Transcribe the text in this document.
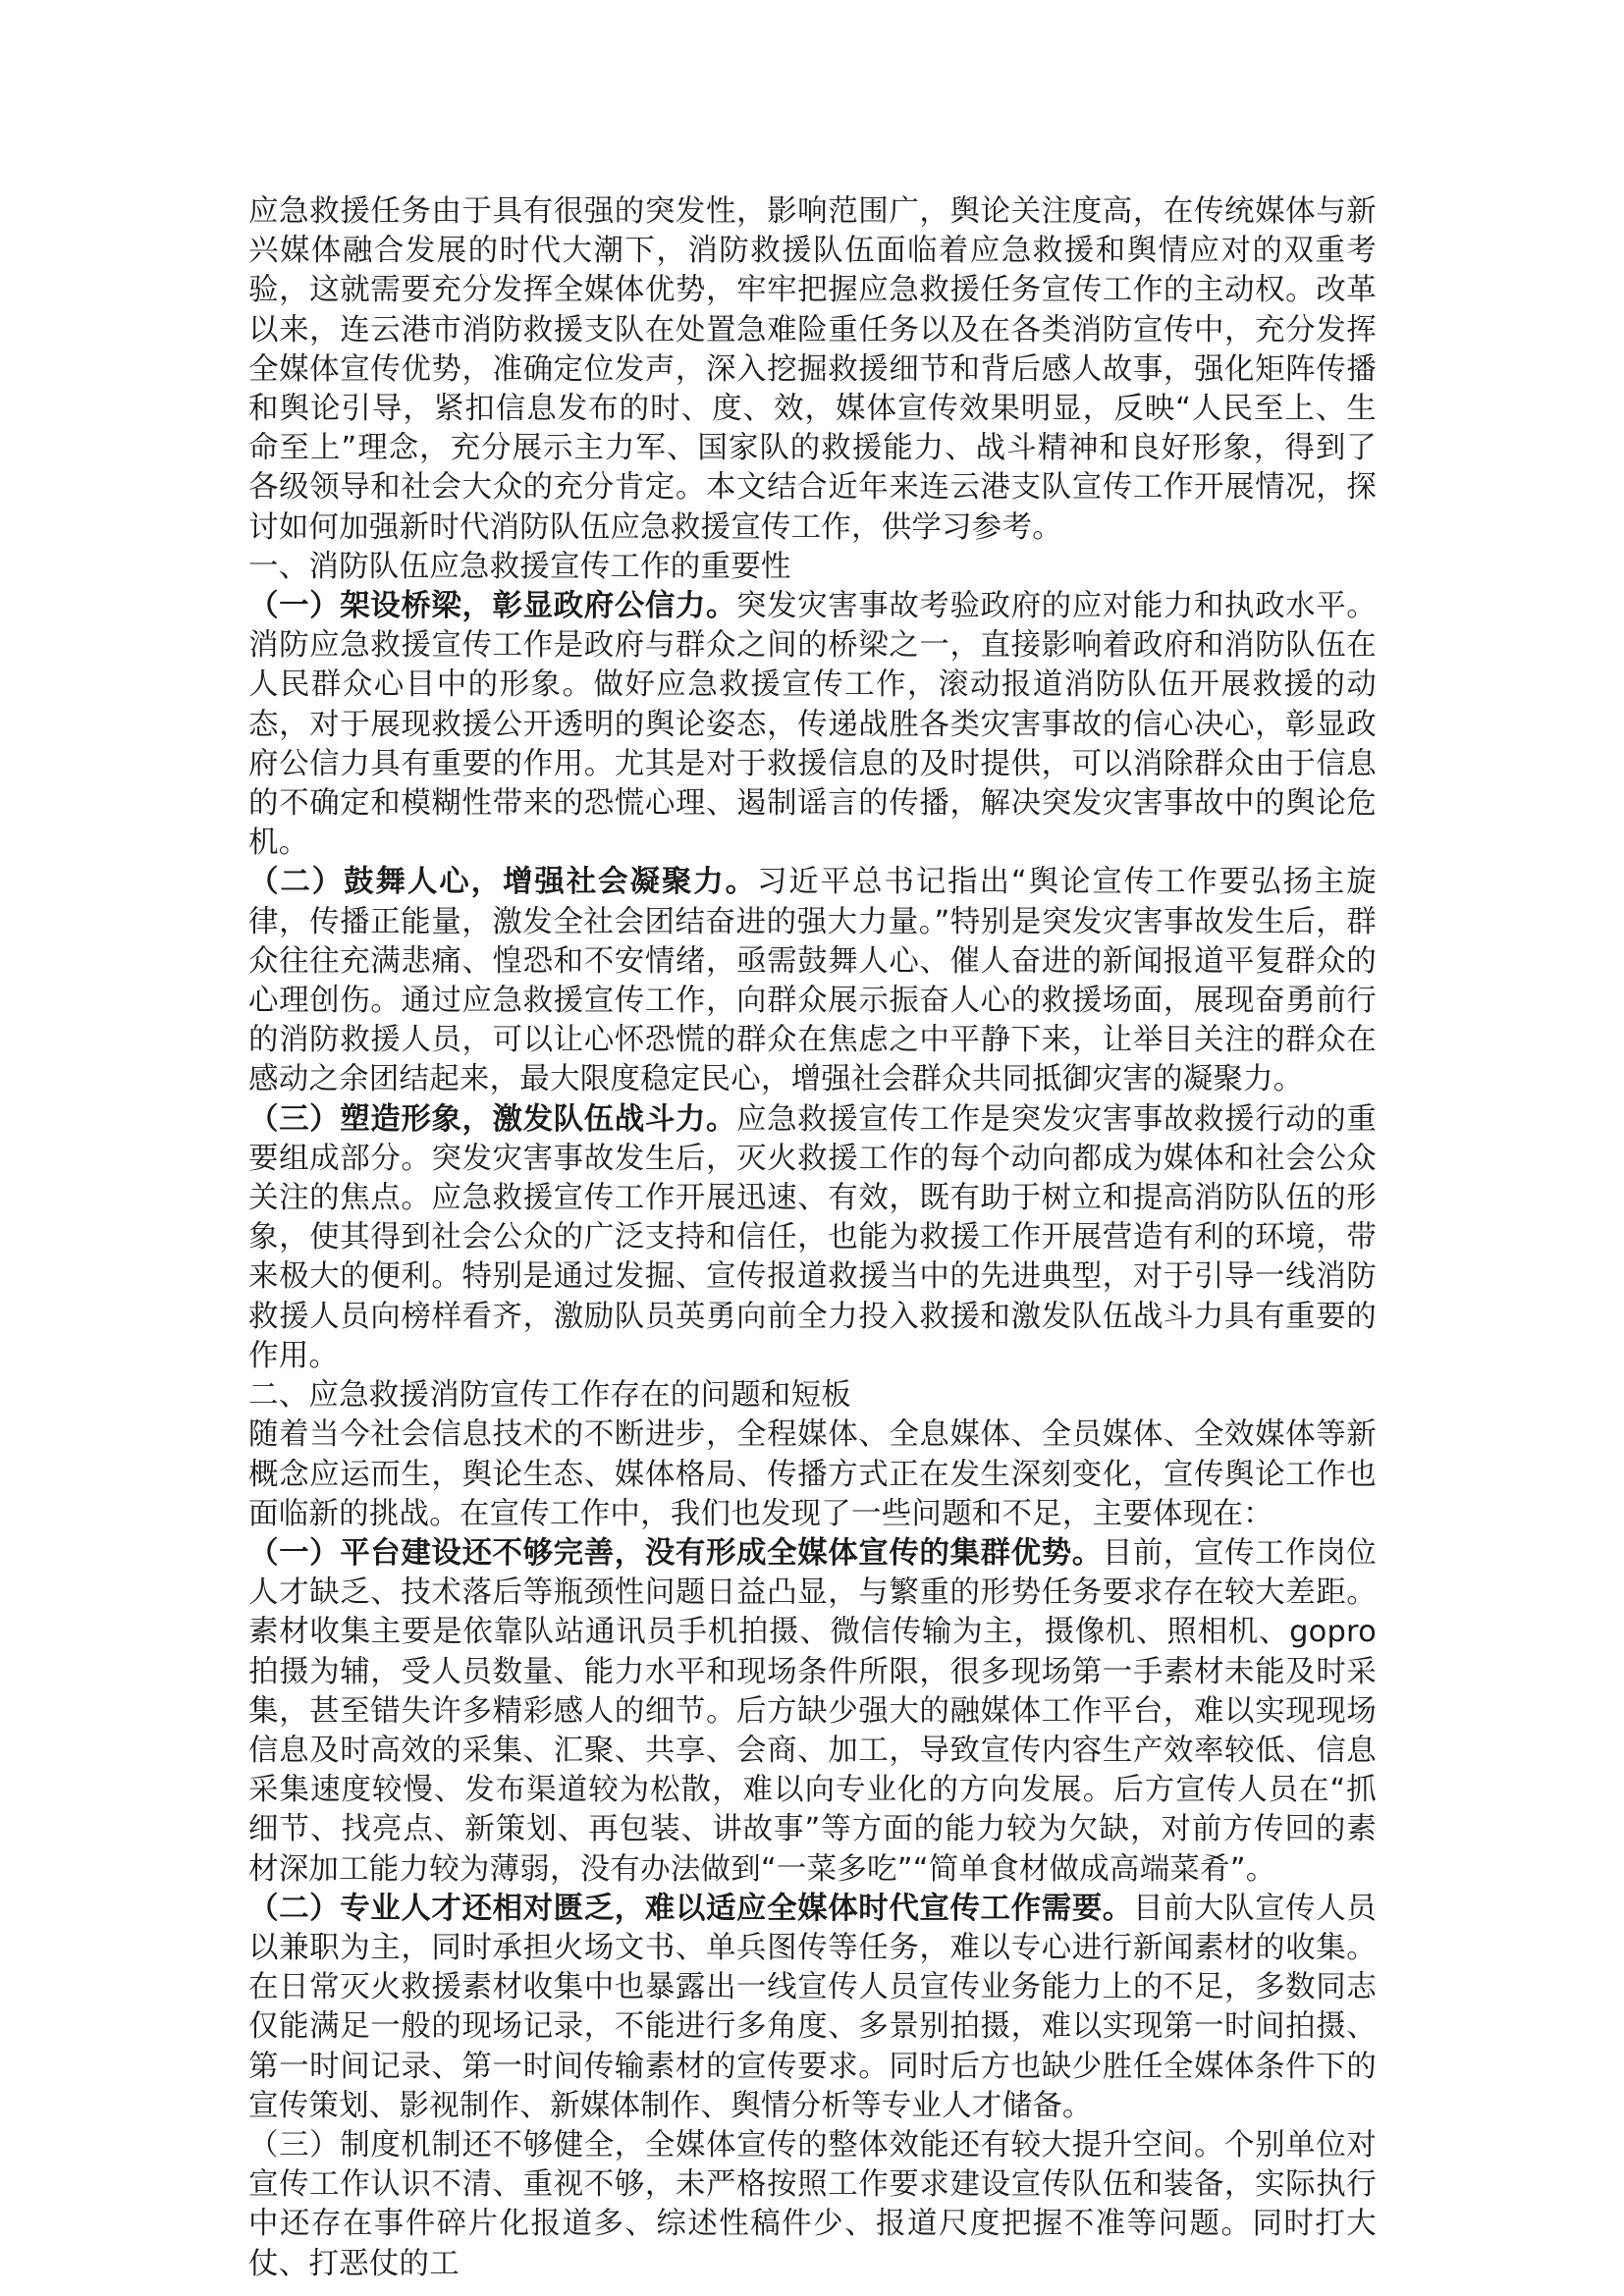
应急救援任务由于具有很强的突发性，影响范围广，舆论关注度高，在传统媒体与新兴媒体融合发展的时代大潮下，消防救援队伍面临着应急救援和舆情应对的双重考验，这就需要充分发挥全媒体优势，牢牢把握应急救援任务宣传工作的主动权。改革以来，连云港市消防救援支队在处置急难险重任务以及在各类消防宣传中，充分发挥全媒体宣传优势，准确定位发声，深入挖掘救援细节和背后感人故事，强化矩阵传播和舆论引导，紧扣信息发布的时、度、效，媒体宣传效果明显，反映“人民至上、生命至上”理念，充分展示主力军、国家队的救援能力、战斗精神和良好形象，得到了各级领导和社会大众的充分肯定。本文结合近年来连云港支队宣传工作开展情况，探讨如何加强新时代消防队伍应急救援宣传工作，供学习参考。

一、消防队伍应急救援宣传工作的重要性

（一）架设桥梁，彰显政府公信力。突发灾害事故考验政府的应对能力和执政水平。消防应急救援宣传工作是政府与群众之间的桥梁之一，直接影响着政府和消防队伍在人民群众心目中的形象。做好应急救援宣传工作，滚动报道消防队伍开展救援的动态，对于展现救援公开透明的舆论姿态，传递战胜各类灾害事故的信心决心，彰显政府公信力具有重要的作用。尤其是对于救援信息的及时提供，可以消除群众由于信息的不确定和模糊性带来的恐慌心理、遏制谣言的传播，解决突发灾害事故中的舆论危机。

（二）鼓舞人心，增强社会凝聚力。习近平总书记指出“舆论宣传工作要弘扬主旋律，传播正能量，激发全社会团结奋进的强大力量。”特别是突发灾害事故发生后，群众往往充满悲痛、惶恐和不安情绪，亟需鼓舞人心、催人奋进的新闻报道平复群众的心理创伤。通过应急救援宣传工作，向群众展示振奋人心的救援场面，展现奋勇前行的消防救援人员，可以让心怀恐慌的群众在焦虑之中平静下来，让举目关注的群众在感动之余团结起来，最大限度稳定民心，增强社会群众共同抵御灾害的凝聚力。

（三）塑造形象，激发队伍战斗力。应急救援宣传工作是突发灾害事故救援行动的重要组成部分。突发灾害事故发生后，灭火救援工作的每个动向都成为媒体和社会公众关注的焦点。应急救援宣传工作开展迅速、有效，既有助于树立和提高消防队伍的形象，使其得到社会公众的广泛支持和信任，也能为救援工作开展营造有利的环境，带来极大的便利。特别是通过发掘、宣传报道救援当中的先进典型，对于引导一线消防救援人员向榜样看齐，激励队员英勇向前全力投入救援和激发队伍战斗力具有重要的作用。

二、应急救援消防宣传工作存在的问题和短板

随着当今社会信息技术的不断进步，全程媒体、全息媒体、全员媒体、全效媒体等新概念应运而生，舆论生态、媒体格局、传播方式正在发生深刻变化，宣传舆论工作也面临新的挑战。在宣传工作中，我们也发现了一些问题和不足，主要体现在：

（一）平台建设还不够完善，没有形成全媒体宣传的集群优势。目前，宣传工作岗位人才缺乏、技术落后等瓶颈性问题日益凸显，与繁重的形势任务要求存在较大差距。素材收集主要是依靠队站通讯员手机拍摄、微信传输为主，摄像机、照相机、gopro 拍摄为辅，受人员数量、能力水平和现场条件所限，很多现场第一手素材未能及时采集，甚至错失许多精彩感人的细节。后方缺少强大的融媒体工作平台，难以实现现场信息及时高效的采集、汇聚、共享、会商、加工，导致宣传内容生产效率较低、信息采集速度较慢、发布渠道较为松散，难以向专业化的方向发展。后方宣传人员在“抓细节、找亮点、新策划、再包装、讲故事”等方面的能力较为欠缺，对前方传回的素材深加工能力较为薄弱，没有办法做到“一菜多吃”“简单食材做成高端菜肴”。

（二）专业人才还相对匮乏，难以适应全媒体时代宣传工作需要。目前大队宣传人员以兼职为主，同时承担火场文书、单兵图传等任务，难以专心进行新闻素材的收集。在日常灭火救援素材收集中也暴露出一线宣传人员宣传业务能力上的不足，多数同志仅能满足一般的现场记录，不能进行多角度、多景别拍摄，难以实现第一时间拍摄、第一时间记录、第一时间传输素材的宣传要求。同时后方也缺少胜任全媒体条件下的宣传策划、影视制作、新媒体制作、舆情分析等专业人才储备。

（三）制度机制还不够健全，全媒体宣传的整体效能还有较大提升空间。个别单位对宣传工作认识不清、重视不够，未严格按照工作要求建设宣传队伍和装备，实际执行中还存在事件碎片化报道多、综述性稿件少、报道尺度把握不准等问题。同时打大仗、打恶仗的工
